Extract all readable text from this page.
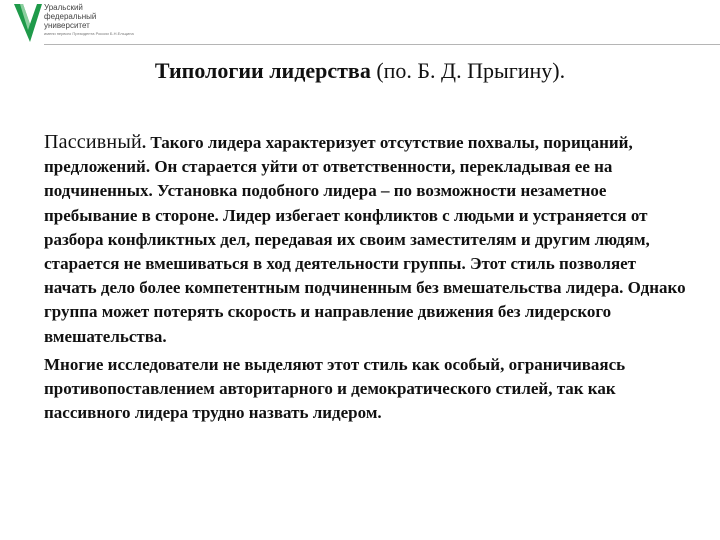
Уральский
федеральный
университет
имени первого Президента России Б.Н.Ельцина
Типологии лидерства (по. Б. Д. Прыгину).

Пассивный. Такого лидера характеризует отсутствие похвалы, порицаний, предложений. Он старается уйти от ответственности, перекладывая ее на подчиненных. Установка подобного лидера – по возможности незаметное пребывание в стороне. Лидер избегает конфликтов с людьми и устраняется от разбора конфликтных дел, передавая их своим заместителям и другим людям, старается не вмешиваться в ход деятельности группы. Этот стиль позволяет начать дело более компетентным подчиненным без вмешательства лидера. Однако группа может потерять скорость и направление движения без лидерского вмешательства.

Многие исследователи не выделяют этот стиль как особый, ограничиваясь противопоставлением авторитарного и демократического стилей, так как пассивного лидера трудно назвать лидером.
